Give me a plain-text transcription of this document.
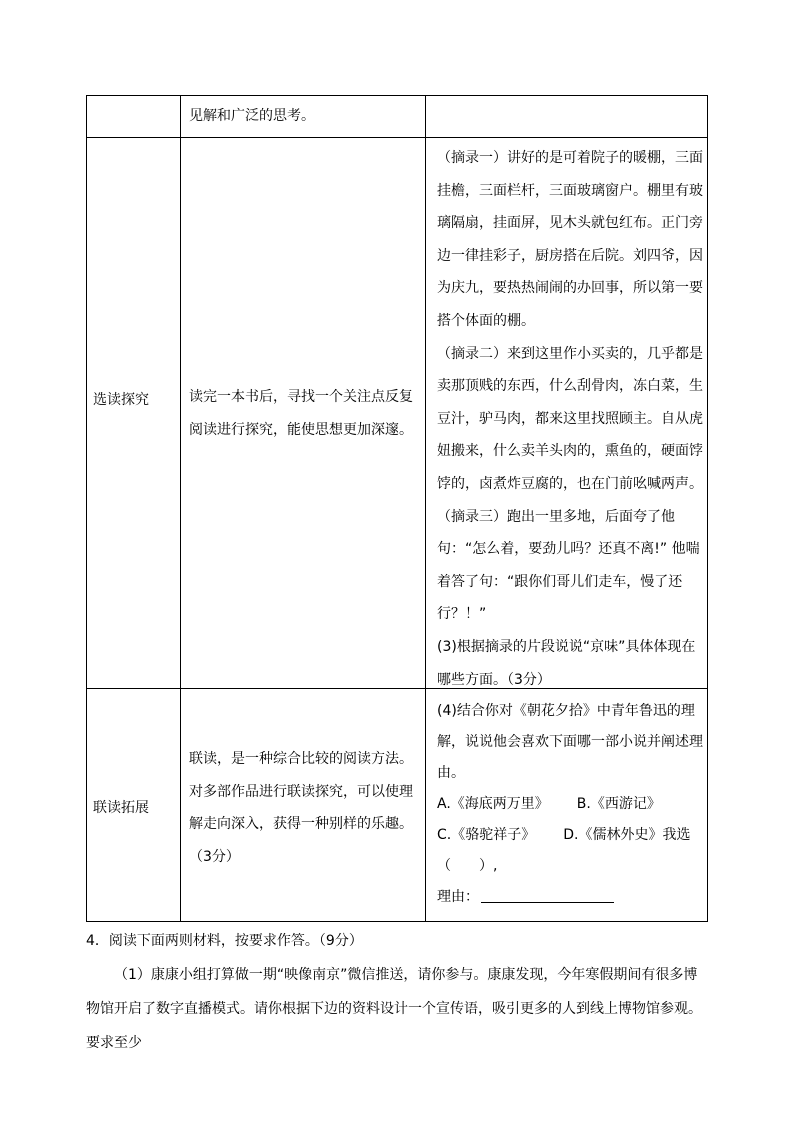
见解和广泛的思考。
选读探究	读完一本书后，寻找一个关注点反复阅读进行探究，能使思想更加深邃。

（摘录一）讲好的是可着院子的暖棚，三面挂檐，三面栏杆，三面玻璃窗户。棚里有玻璃隔扇，挂面屏，见木头就包红布。正门旁边一律挂彩子，厨房搭在后院。刘四爷，因为庆九，要热热闹闹的办回事，所以第一要搭个体面的棚。

（摘录二）来到这里作小买卖的，几乎都是卖那顶贱的东西，什么刮骨肉，冻白菜，生豆汁，驴马肉，都来这里找照顾主。自从虎妞搬来，什么卖羊头肉的，熏鱼的，硬面饽饽的，卤煮炸豆腐的，也在门前吆喊两声。

（摘录三）跑出一里多地，后面夸了他句：“怎么着，要劲儿吗？还真不离!” 他喘着答了句：“跟你们哥儿们走车，慢了还行？！”

(3)根据摘录的片段说说“京味”具体体现在哪些方面。（3分）

联读拓展
联读，是一种综合比较的阅读方法。对多部作品进行联读探究，可以使理解走向深入，获得一种别样的乐趣。（3分）

(4)结合你对《朝花夕拾》中青年鲁迅的理解，说说他会喜欢下面哪一部小说并阐述理由。

A.《海底两万里》 B.《西游记》

C.《骆驼祥子》 D.《儒林外史》我选

（　　）,

理由：

4．阅读下面两则材料，按要求作答。（9分）
（1）康康小组打算做一期“映像南京”微信推送，请你参与。康康发现，今年寒假期间有很多博物馆开启了数字直播模式。请你根据下边的资料设计一个宣传语，吸引更多的人到线上博物馆参观。要求至少
